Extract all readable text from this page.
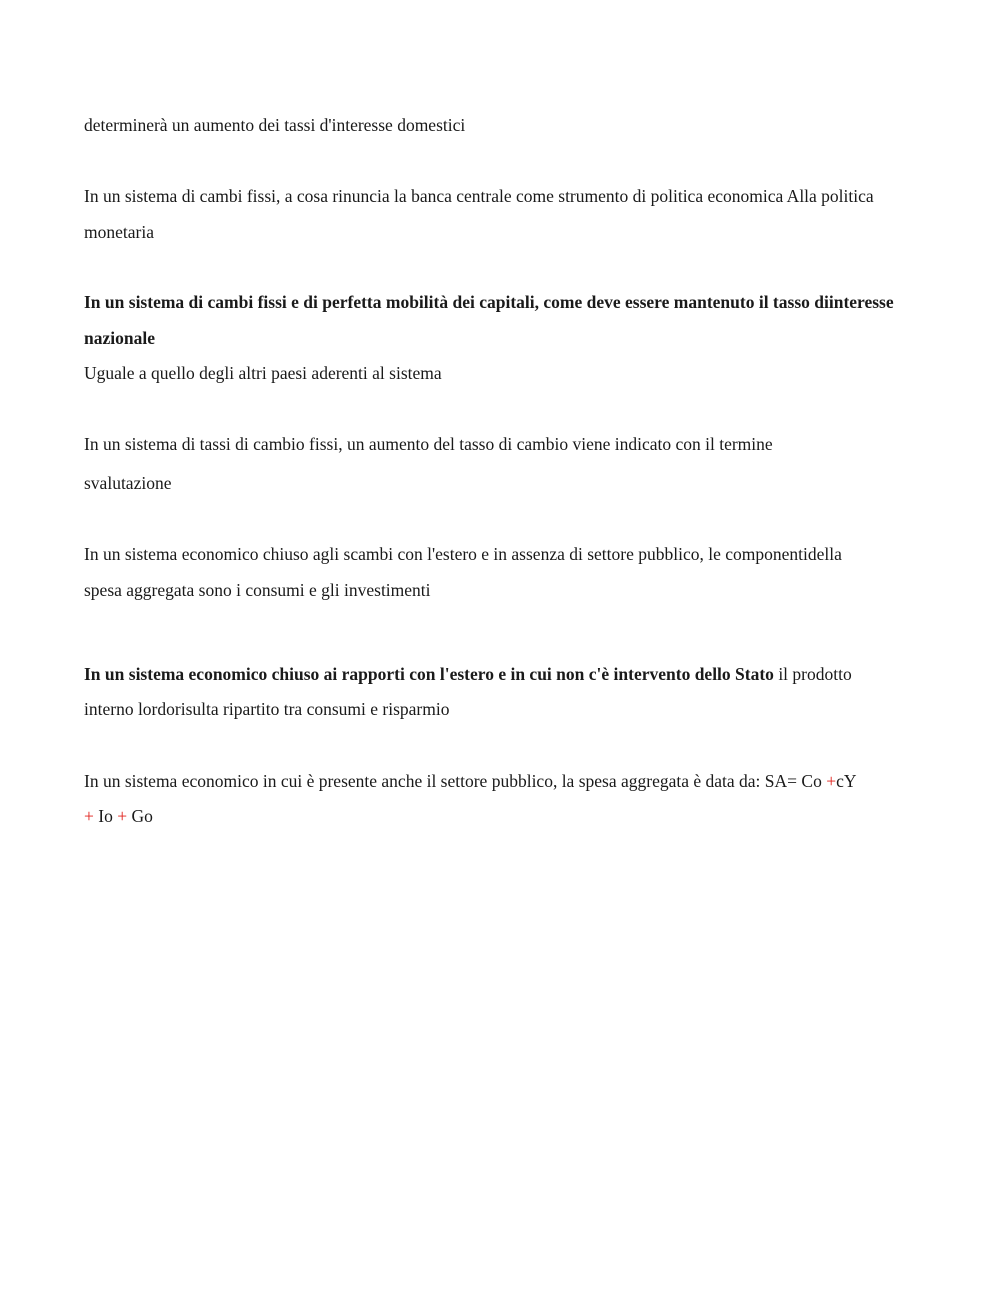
determinerà un aumento dei tassi d'interesse domestici
In un sistema di cambi fissi, a cosa rinuncia la banca centrale come strumento di politica economica Alla politica
monetaria
In un sistema di cambi fissi e di perfetta mobilità dei capitali, come deve essere mantenuto il tasso diinteresse
nazionale
Uguale a quello degli altri paesi aderenti al sistema
In un sistema di tassi di cambio fissi, un aumento del tasso di cambio viene indicato con il termine
svalutazione
In un sistema economico chiuso agli scambi con l'estero e in assenza di settore pubblico, le componentidella
spesa aggregata sono i consumi e gli investimenti
In un sistema economico chiuso ai rapporti con l'estero e in cui non c'è intervento dello Stato il prodotto
interno lordorisulta ripartito tra consumi e risparmio
In un sistema economico in cui è presente anche il settore pubblico, la spesa aggregata è data da: SA= Co +cY
+ Io + Go
